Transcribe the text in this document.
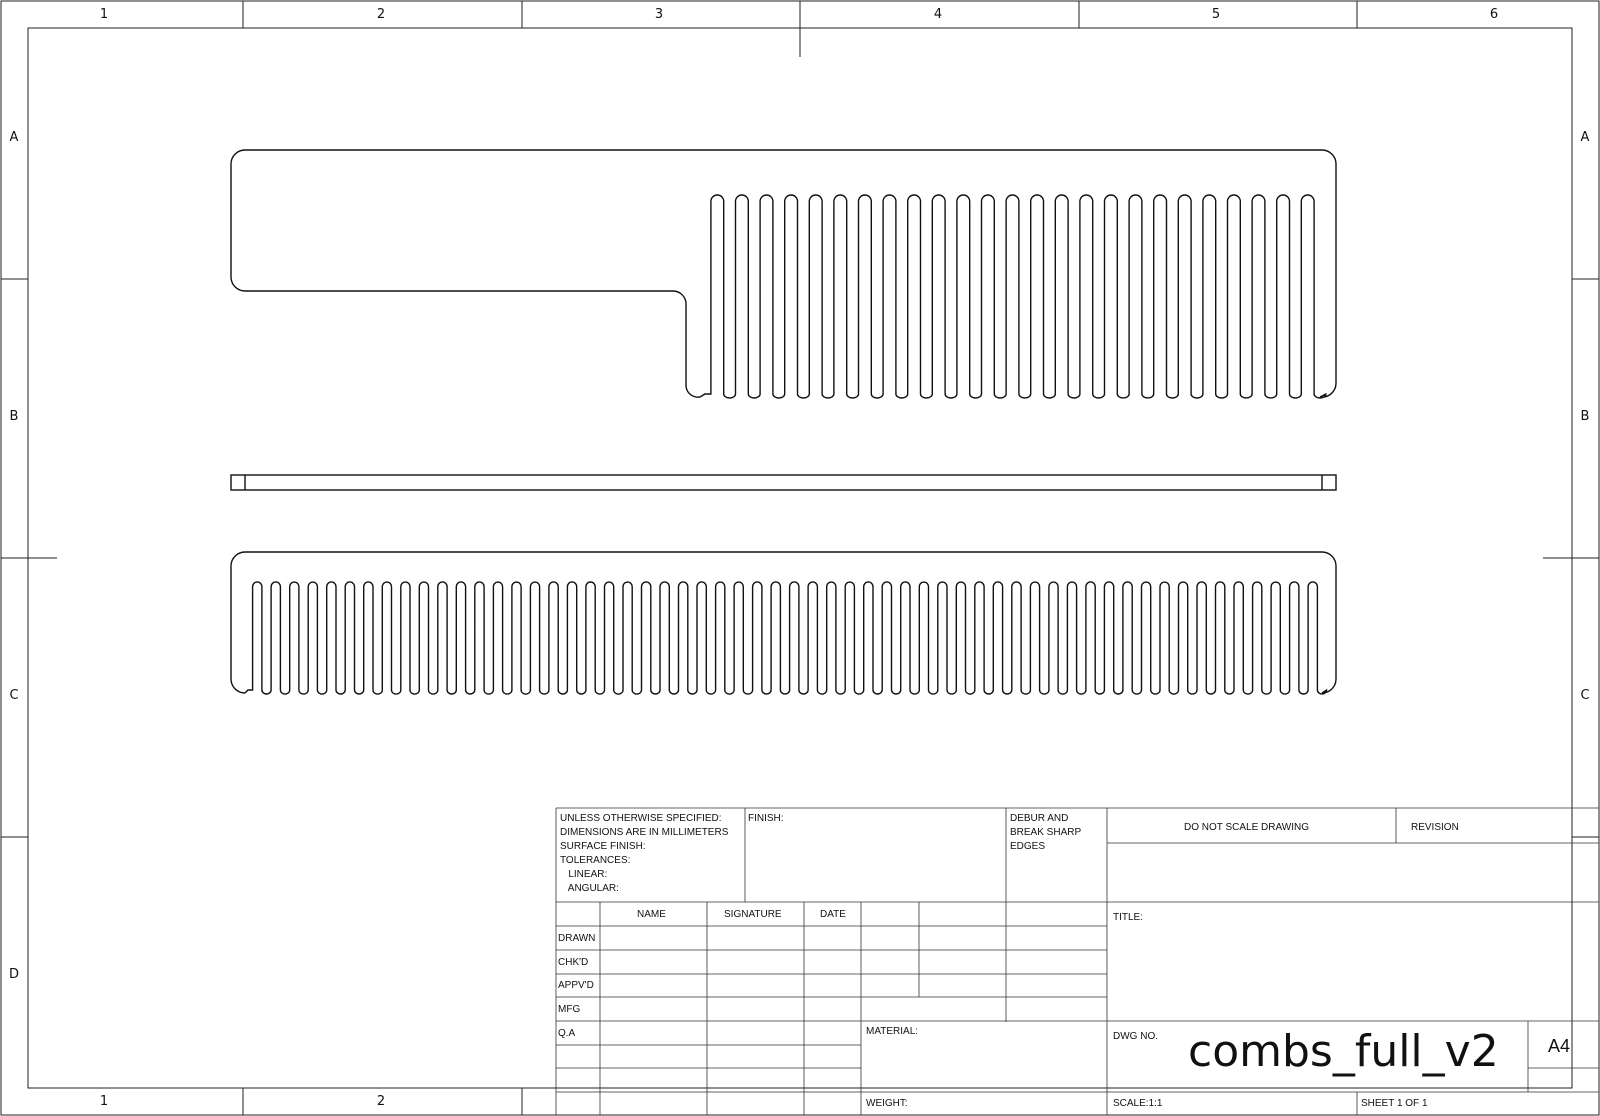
1
1
2
2
3	4	5	6
A	A
B	B
C	C
D
UNLESS OTHERWISE SPECIFIED:
DIMENSIONS ARE IN MILLIMETERS
SURFACE FINISH:
TOLERANCES:
LINEAR:
ANGULAR:
FINISH:	DEBUR AND
BREAK SHARP
EDGES
DO NOT SCALE DRAWING	REVISION
NAME	SIGNATURE	DATE
DRAWN
CHK'D
APPV'D
MFG
Q.A
TITLE:
MATERIAL:
WEIGHT:
DWG NO. combs_full_v2	A4
SCALE:1:1	SHEET 1 OF 1
